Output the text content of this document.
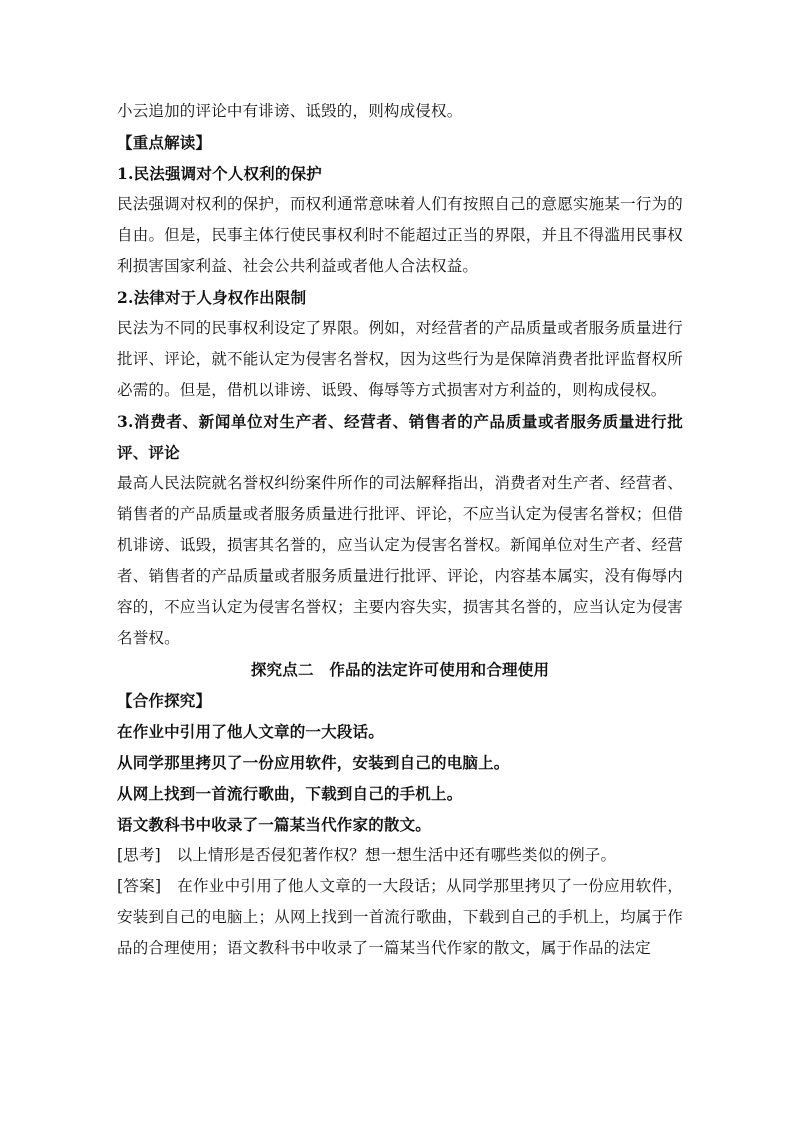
小云追加的评论中有诽谤、诋毁的，则构成侵权。
【重点解读】
1.民法强调对个人权利的保护
民法强调对权利的保护，而权利通常意味着人们有按照自己的意愿实施某一行为的自由。但是，民事主体行使民事权利时不能超过正当的界限，并且不得滥用民事权利损害国家利益、社会公共利益或者他人合法权益。
2.法律对于人身权作出限制
民法为不同的民事权利设定了界限。例如，对经营者的产品质量或者服务质量进行批评、评论，就不能认定为侵害名誉权，因为这些行为是保障消费者批评监督权所必需的。但是，借机以诽谤、诋毁、侮辱等方式损害对方利益的，则构成侵权。
3.消费者、新闻单位对生产者、经营者、销售者的产品质量或者服务质量进行批评、评论
最高人民法院就名誉权纠纷案件所作的司法解释指出，消费者对生产者、经营者、销售者的产品质量或者服务质量进行批评、评论，不应当认定为侵害名誉权；但借机诽谤、诋毁，损害其名誉的，应当认定为侵害名誉权。新闻单位对生产者、经营者、销售者的产品质量或者服务质量进行批评、评论，内容基本属实，没有侮辱内容的，不应当认定为侵害名誉权；主要内容失实，损害其名誉的，应当认定为侵害名誉权。
探究点二　作品的法定许可使用和合理使用
【合作探究】
在作业中引用了他人文章的一大段话。
从同学那里拷贝了一份应用软件，安装到自己的电脑上。
从网上找到一首流行歌曲，下载到自己的手机上。
语文教科书中收录了一篇某当代作家的散文。
[思考]　 以上情形是否侵犯著作权？想一想生活中还有哪些类似的例子。
[答案]　 在作业中引用了他人文章的一大段话；从同学那里拷贝了一份应用软件，安装到自己的电脑上；从网上找到一首流行歌曲，下载到自己的手机上，均属于作品的合理使用；语文教科书中收录了一篇某当代作家的散文，属于作品的法定
